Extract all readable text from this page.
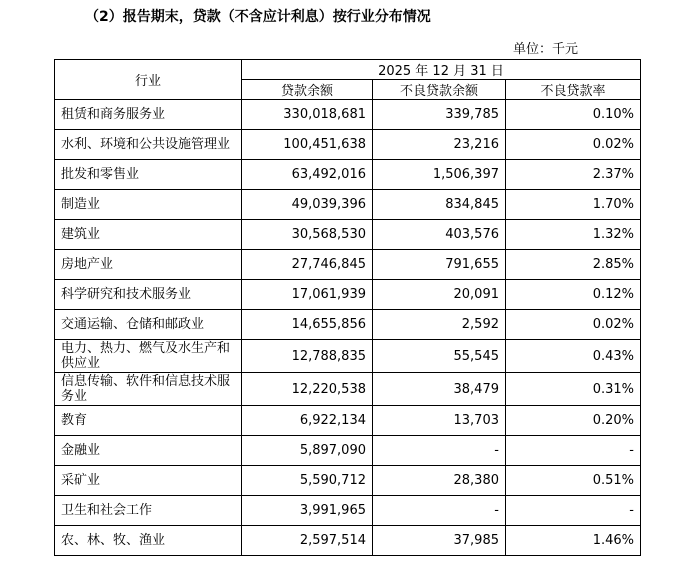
（2）报告期末，贷款（不含应计利息）按行业分布情况
单位：千元
行业	2025 年 12 月 31 日		
	贷款余额	不良贷款余额	不良贷款率
租赁和商务服务业	330,018,681	339,785	0.10%
水利、环境和公共设施管理业	100,451,638	23,216	0.02%
批发和零售业	63,492,016	1,506,397	2.37%
制造业	49,039,396	834,845	1.70%
建筑业	30,568,530	403,576	1.32%
房地产业	27,746,845	791,655	2.85%
科学研究和技术服务业	17,061,939	20,091	0.12%
交通运输、仓储和邮政业	14,655,856	2,592	0.02%
电力、热力、燃气及水生产和供应业	12,788,835	55,545	0.43%
信息传输、软件和信息技术服务业	12,220,538	38,479	0.31%
教育	6,922,134	13,703	0.20%
金融业	5,897,090	-	-
采矿业	5,590,712	28,380	0.51%
卫生和社会工作	3,991,965	-	-
农、林、牧、渔业	2,597,514	37,985	1.46%
